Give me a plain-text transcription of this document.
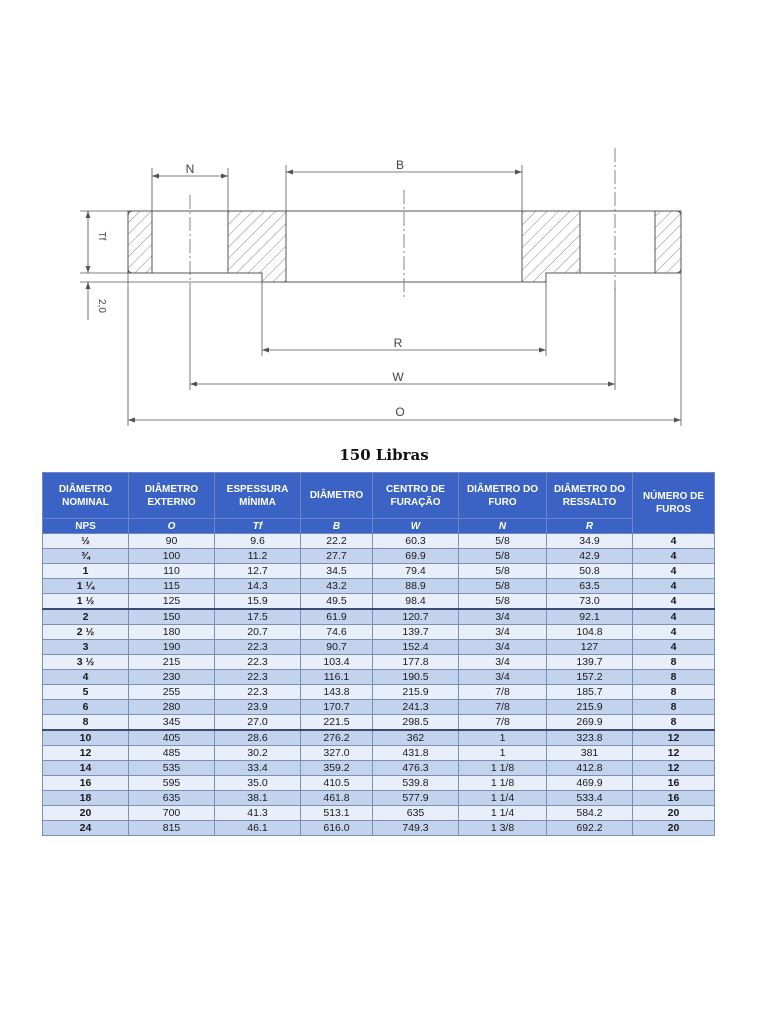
N	B
Tf
2,0
R
W
O
150 Libras
DIÂMETRO NOMINAL	DIÂMETRO EXTERNO	ESPESSURA MÍNIMA	DIÂMETRO	CENTRO DE FURAÇÃO	DIÂMETRO DO FURO	DIÂMETRO DO RESSALTO	NÚMERO DE FUROS
NPS	O	Tf	B	W	N	R	
½	90	9.6	22.2	60.3	5/8	34.9	4
¾	100	11.2	27.7	69.9	5/8	42.9	4
1	110	12.7	34.5	79.4	5/8	50.8	4
1 ¼	115	14.3	43.2	88.9	5/8	63.5	4
1 ½	125	15.9	49.5	98.4	5/8	73.0	4
2	150	17.5	61.9	120.7	3/4	92.1	4
2 ½	180	20.7	74.6	139.7	3/4	104.8	4
3	190	22.3	90.7	152.4	3/4	127	4
3 ½	215	22.3	103.4	177.8	3/4	139.7	8
4	230	22.3	116.1	190.5	3/4	157.2	8
5	255	22.3	143.8	215.9	7/8	185.7	8
6	280	23.9	170.7	241.3	7/8	215.9	8
8	345	27.0	221.5	298.5	7/8	269.9	8
10	405	28.6	276.2	362	1	323.8	12
12	485	30.2	327.0	431.8	1	381	12
14	535	33.4	359.2	476.3	1 1/8	412.8	12
16	595	35.0	410.5	539.8	1 1/8	469.9	16
18	635	38.1	461.8	577.9	1 1/4	533.4	16
20	700	41.3	513.1	635	1 1/4	584.2	20
24	815	46.1	616.0	749.3	1 3/8	692.2	20
